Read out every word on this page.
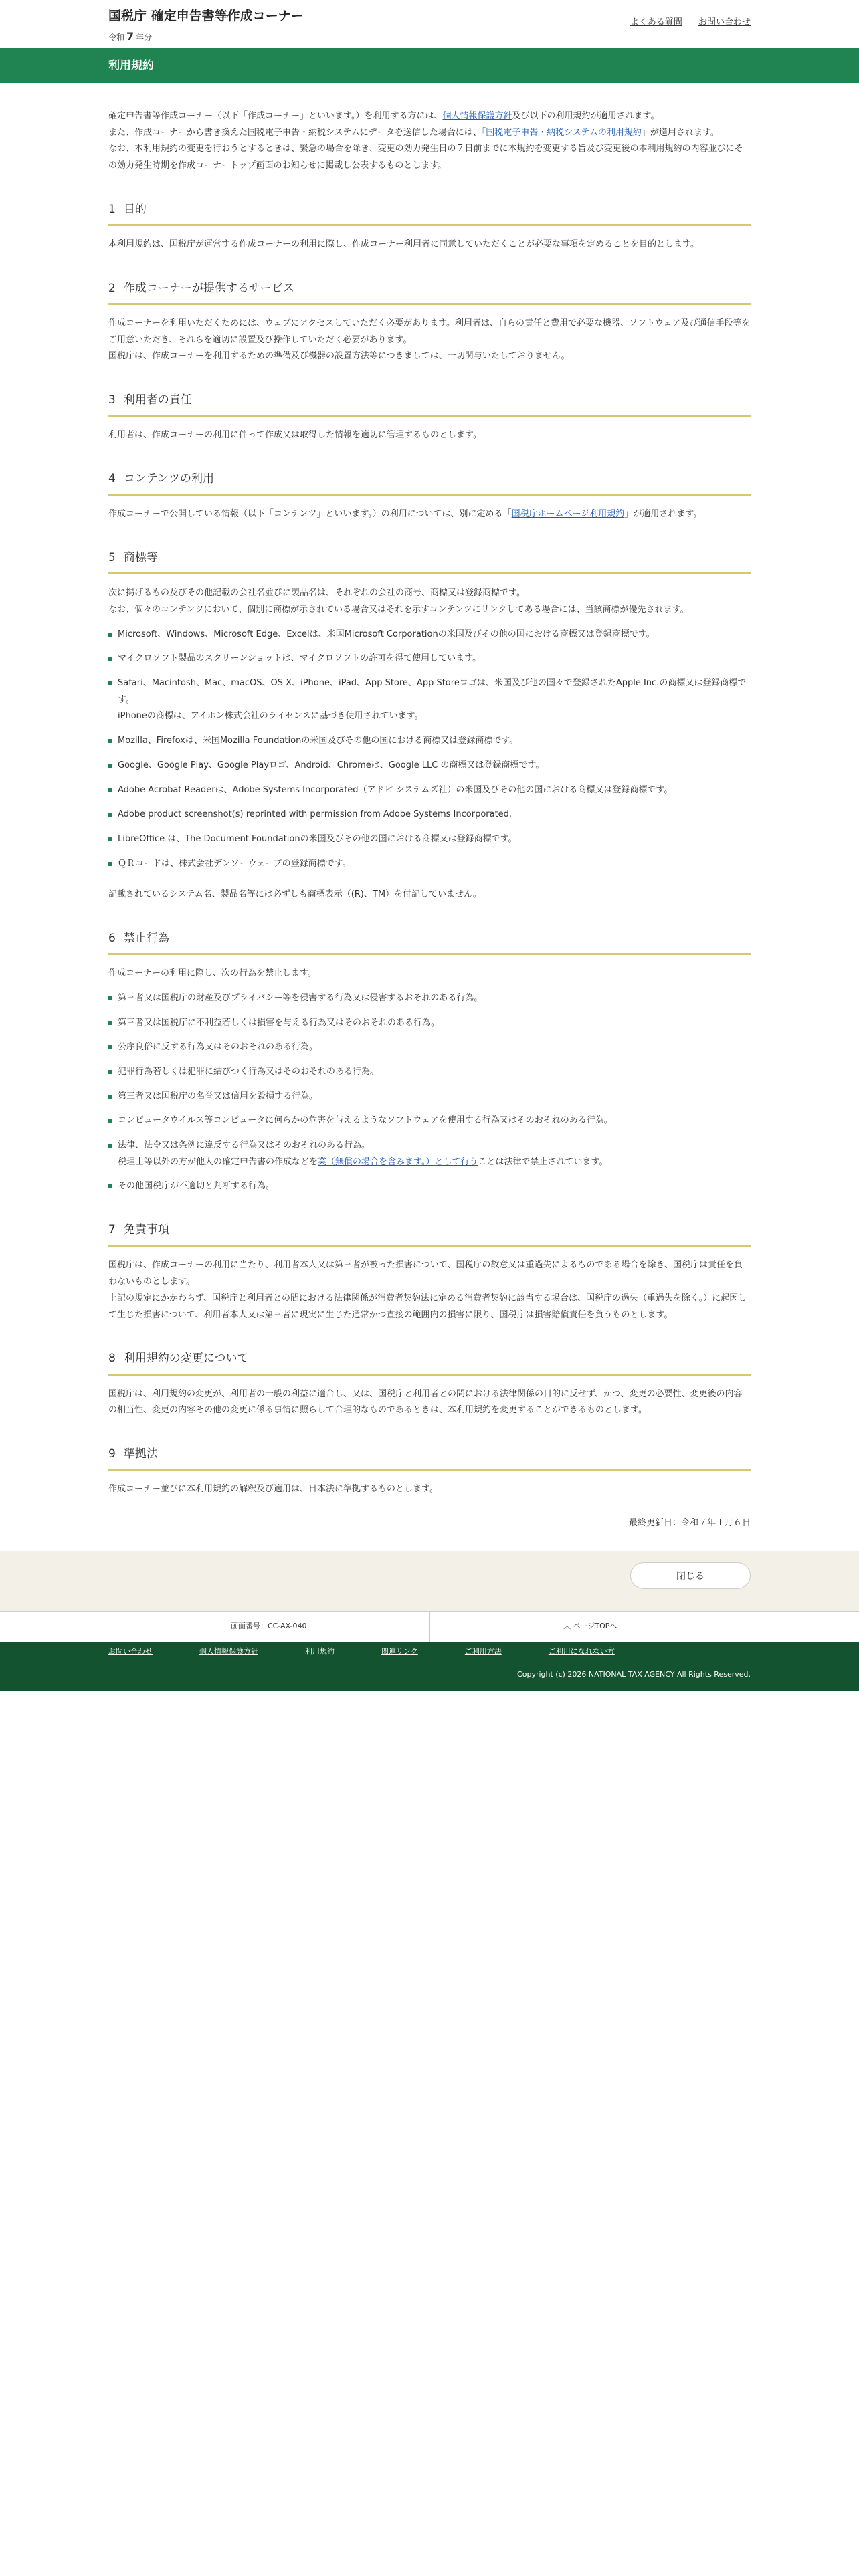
国税庁 確定申告書等作成コーナー
令和 7 年分
よくある質問 お問い合わせ
利用規約

確定申告書等作成コーナー（以下「作成コーナー」といいます。）を利用する方には、個人情報保護方針及び以下の利用規約が適用されます。

また、作成コーナーから書き換えた国税電子申告・納税システムにデータを送信した場合には、「国税電子申告・納税システムの利用規約」が適用されます。

なお、本利用規約の変更を行おうとするときは、緊急の場合を除き、変更の効力発生日の７日前までに本規約を変更する旨及び変更後の本利用規約の内容並びにその効力発生時期を作成コーナートップ画面のお知らせに掲載し公表するものとします。

1 目的

本利用規約は、国税庁が運営する作成コーナーの利用に際し、作成コーナー利用者に同意していただくことが必要な事項を定めることを目的とします。

2 作成コーナーが提供するサービス

作成コーナーを利用いただくためには、ウェブにアクセスしていただく必要があります。利用者は、自らの責任と費用で必要な機器、ソフトウェア及び通信手段等をご用意いただき、それらを適切に設置及び操作していただく必要があります。

国税庁は、作成コーナーを利用するための準備及び機器の設置方法等につきましては、一切関与いたしておりません。

3 利用者の責任

利用者は、作成コーナーの利用に伴って作成又は取得した情報を適切に管理するものとします。

4 コンテンツの利用

作成コーナーで公開している情報（以下「コンテンツ」といいます。）の利用については、別に定める「国税庁ホームページ利用規約」が適用されます。

5 商標等

次に掲げるもの及びその他記載の会社名並びに製品名は、それぞれの会社の商号、商標又は登録商標です。

なお、個々のコンテンツにおいて、個別に商標が示されている場合又はそれを示すコンテンツにリンクしてある場合には、当該商標が優先されます。

Microsoft、Windows、Microsoft Edge、Excelは、米国Microsoft Corporationの米国及びその他の国における商標又は登録商標です。
マイクロソフト製品のスクリーンショットは、マイクロソフトの許可を得て使用しています。
Safari、Macintosh、Mac、macOS、OS X、iPhone、iPad、App Store、App Storeロゴは、米国及び他の国々で登録されたApple Inc.の商標又は登録商標です。
iPhoneの商標は、アイホン株式会社のライセンスに基づき使用されています。
Mozilla、Firefoxは、米国Mozilla Foundationの米国及びその他の国における商標又は登録商標です。
Google、Google Play、Google Playロゴ、Android、Chromeは、Google LLC の商標又は登録商標です。
Adobe Acrobat Readerは、Adobe Systems Incorporated（アドビ システムズ社）の米国及びその他の国における商標又は登録商標です。
Adobe product screenshot(s) reprinted with permission from Adobe Systems Incorporated.
LibreOffice は、The Document Foundationの米国及びその他の国における商標又は登録商標です。
ＱＲコードは、株式会社デンソーウェーブの登録商標です。

記載されているシステム名、製品名等には必ずしも商標表示（(R)、TM）を付記していません。

6 禁止行為

作成コーナーの利用に際し、次の行為を禁止します。

第三者又は国税庁の財産及びプライバシー等を侵害する行為又は侵害するおそれのある行為。
第三者又は国税庁に不利益若しくは損害を与える行為又はそのおそれのある行為。
公序良俗に反する行為又はそのおそれのある行為。
犯罪行為若しくは犯罪に結びつく行為又はそのおそれのある行為。
第三者又は国税庁の名誉又は信用を毀損する行為。
コンピュータウイルス等コンピュータに何らかの危害を与えるようなソフトウェアを使用する行為又はそのおそれのある行為。
法律、法令又は条例に違反する行為又はそのおそれのある行為。
税理士等以外の方が他人の確定申告書の作成などを業（無償の場合を含みます。）として行うことは法律で禁止されています。
その他国税庁が不適切と判断する行為。
7 免責事項

国税庁は、作成コーナーの利用に当たり、利用者本人又は第三者が被った損害について、国税庁の故意又は重過失によるものである場合を除き、国税庁は責任を負わないものとします。

上記の規定にかかわらず、国税庁と利用者との間における法律関係が消費者契約法に定める消費者契約に該当する場合は、国税庁の過失（重過失を除く。）に起因して生じた損害について、利用者本人又は第三者に現実に生じた通常かつ直接の範囲内の損害に限り、国税庁は損害賠償責任を負うものとします。

8 利用規約の変更について

国税庁は、利用規約の変更が、利用者の一般の利益に適合し、又は、国税庁と利用者との間における法律関係の目的に反せず、かつ、変更の必要性、変更後の内容の相当性、変更の内容その他の変更に係る事情に照らして合理的なものであるときは、本利用規約を変更することができるものとします。

9 準拠法

作成コーナー並びに本利用規約の解釈及び適用は、日本法に準拠するものとします。

最終更新日：令和７年１月６日

閉じる
画面番号：CC-AX-040	︿ ページTOPへ
お問い合わせ	個人情報保護方針	利用規約	関連リンク	ご利用方法	ご利用になれない方
Copyright (c) 2026 NATIONAL TAX AGENCY All Rights Reserved.
